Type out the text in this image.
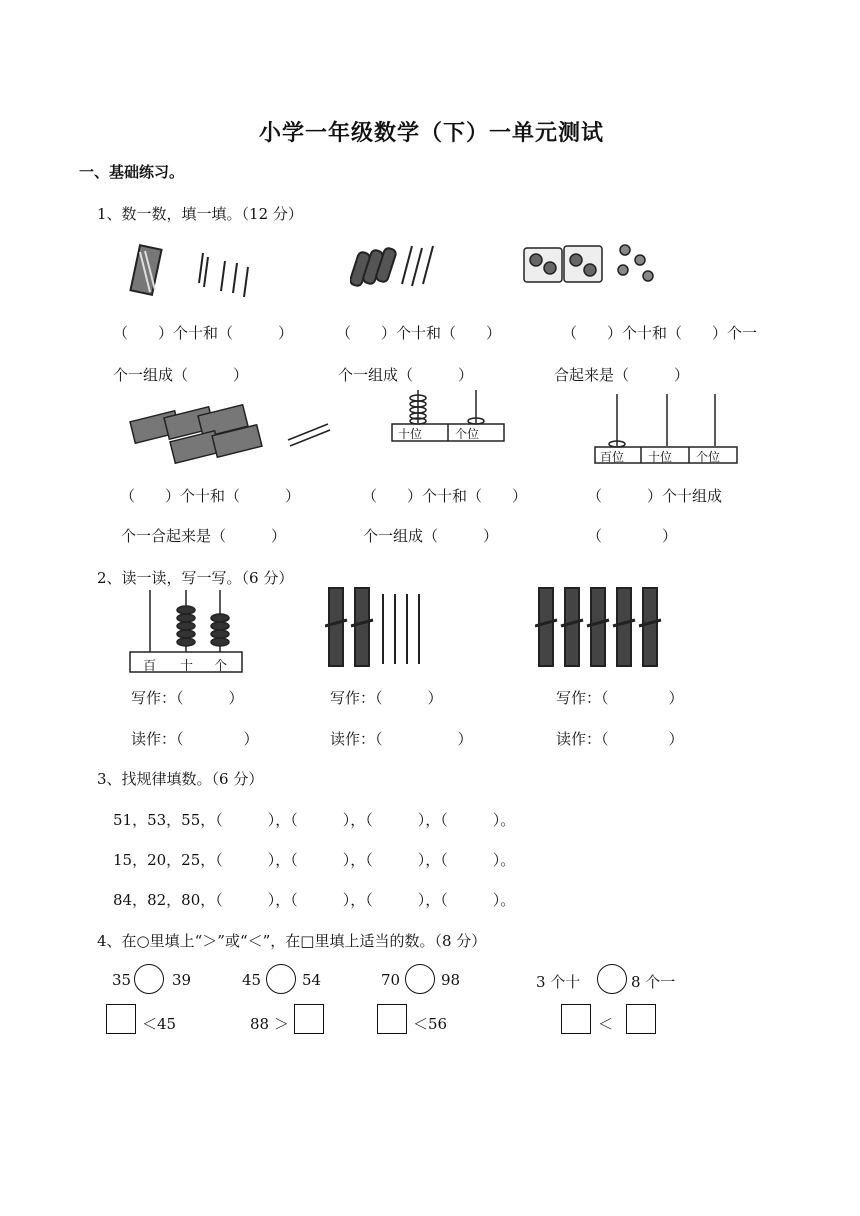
小学一年级数学（下）一单元测试
一、基础练习。
1、数一数，填一填。（12 分）
（　　）个十和（　　　）
个一组成（　　　）
（　　）个十和（　　）
个一组成（　　　）
（　　）个十和（　　）个一
合起来是（　　　）
十位	个位
百位 十位 个位
（　　）个十和（　　　）
个一合起来是（　　　）
（　　）个十和（　　）
个一组成（　　　）
（　　　）个十组成
（　　　　）
2、读一读，写一写。（6 分）
百 十 个
写作：（　　　）	写作：（　　　）	写作：（　　　　）
读作：（　　　　）	读作：（　　　　　）	读作：（　　　　）
3、找规律填数。（6 分）
51，53，55，（　　　），（　　　），（　　　），（　　　）。
15，20，25，（　　　），（　　　），（　　　），（　　　）。
84，82，80，（　　　），（　　　），（　　　），（　　　）。
4、在○里填上“＞”或“＜”，在□里填上适当的数。（8 分）
35	39	45	54	70	98	3 个十	8 个一
＜45	88 ＞	＜56	＜
